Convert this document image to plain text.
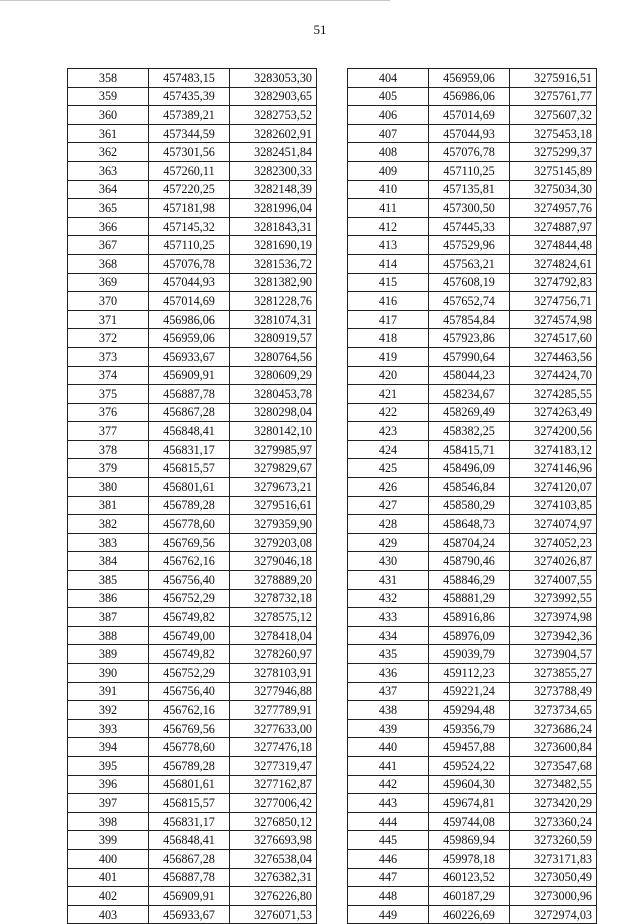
51
358	457483,15	3283053,30
359	457435,39	3282903,65
360	457389,21	3282753,52
361	457344,59	3282602,91
362	457301,56	3282451,84
363	457260,11	3282300,33
364	457220,25	3282148,39
365	457181,98	3281996,04
366	457145,32	3281843,31
367	457110,25	3281690,19
368	457076,78	3281536,72
369	457044,93	3281382,90
370	457014,69	3281228,76
371	456986,06	3281074,31
372	456959,06	3280919,57
373	456933,67	3280764,56
374	456909,91	3280609,29
375	456887,78	3280453,78
376	456867,28	3280298,04
377	456848,41	3280142,10
378	456831,17	3279985,97
379	456815,57	3279829,67
380	456801,61	3279673,21
381	456789,28	3279516,61
382	456778,60	3279359,90
383	456769,56	3279203,08
384	456762,16	3279046,18
385	456756,40	3278889,20
386	456752,29	3278732,18
387	456749,82	3278575,12
388	456749,00	3278418,04
389	456749,82	3278260,97
390	456752,29	3278103,91
391	456756,40	3277946,88
392	456762,16	3277789,91
393	456769,56	3277633,00
394	456778,60	3277476,18
395	456789,28	3277319,47
396	456801,61	3277162,87
397	456815,57	3277006,42
398	456831,17	3276850,12
399	456848,41	3276693,98
400	456867,28	3276538,04
401	456887,78	3276382,31
402	456909,91	3276226,80
403	456933,67	3276071,53
404	456959,06	3275916,51
405	456986,06	3275761,77
406	457014,69	3275607,32
407	457044,93	3275453,18
408	457076,78	3275299,37
409	457110,25	3275145,89
410	457135,81	3275034,30
411	457300,50	3274957,76
412	457445,33	3274887,97
413	457529,96	3274844,48
414	457563,21	3274824,61
415	457608,19	3274792,83
416	457652,74	3274756,71
417	457854,84	3274574,98
418	457923,86	3274517,60
419	457990,64	3274463,56
420	458044,23	3274424,70
421	458234,67	3274285,55
422	458269,49	3274263,49
423	458382,25	3274200,56
424	458415,71	3274183,12
425	458496,09	3274146,96
426	458546,84	3274120,07
427	458580,29	3274103,85
428	458648,73	3274074,97
429	458704,24	3274052,23
430	458790,46	3274026,87
431	458846,29	3274007,55
432	458881,29	3273992,55
433	458916,86	3273974,98
434	458976,09	3273942,36
435	459039,79	3273904,57
436	459112,23	3273855,27
437	459221,24	3273788,49
438	459294,48	3273734,65
439	459356,79	3273686,24
440	459457,88	3273600,84
441	459524,22	3273547,68
442	459604,30	3273482,55
443	459674,81	3273420,29
444	459744,08	3273360,24
445	459869,94	3273260,59
446	459978,18	3273171,83
447	460123,52	3273050,49
448	460187,29	3273000,96
449	460226,69	3272974,03
